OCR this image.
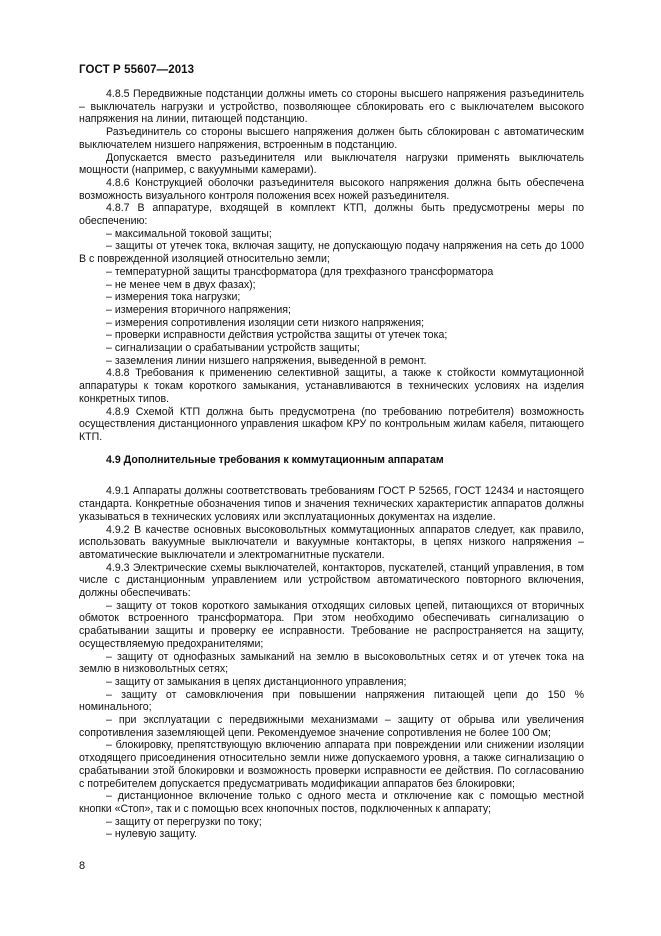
ГОСТ Р 55607—2013

4.8.5 Передвижные подстанции должны иметь со стороны высшего напряжения разъединитель – выключатель нагрузки и устройство, позволяющее сблокировать его с выключателем высокого напряжения на линии, питающей подстанцию.

Разъединитель со стороны высшего напряжения должен быть сблокирован с автоматическим выключателем низшего напряжения, встроенным в подстанцию.

Допускается вместо разъединителя или выключателя нагрузки применять выключатель мощности (например, с вакуумными камерами).

4.8.6 Конструкцией оболочки разъединителя высокого напряжения должна быть обеспечена возможность визуального контроля положения всех ножей разъединителя.

4.8.7 В аппаратуре, входящей в комплект КТП, должны быть предусмотрены меры по обеспечению:

– максимальной токовой защиты;

– защиты от утечек тока, включая защиту, не допускающую подачу напряжения на сеть до 1000 В с поврежденной изоляцией относительно земли;

– температурной защиты трансформатора (для трехфазного трансформатора

– не менее чем в двух фазах);

– измерения тока нагрузки;

– измерения вторичного напряжения;

– измерения сопротивления изоляции сети низкого напряжения;

– проверки исправности действия устройства защиты от утечек тока;

– сигнализации о срабатывании устройств защиты;

– заземления линии низшего напряжения, выведенной в ремонт.

4.8.8 Требования к применению селективной защиты, а также к стойкости коммутационной аппаратуры к токам короткого замыкания, устанавливаются в технических условиях на изделия конкретных типов.

4.8.9 Схемой КТП должна быть предусмотрена (по требованию потребителя) возможность осуществления дистанционного управления шкафом КРУ по контрольным жилам кабеля, питающего КТП.

4.9 Дополнительные требования к коммутационным аппаратам

4.9.1 Аппараты должны соответствовать требованиям ГОСТ Р 52565, ГОСТ 12434 и настоящего стандарта. Конкретные обозначения типов и значения технических характеристик аппаратов должны указываться в технических условиях или эксплуатационных документах на изделие.

4.9.2 В качестве основных высоковольтных коммутационных аппаратов следует, как правило, использовать вакуумные выключатели и вакуумные контакторы, в цепях низкого напряжения – автоматические выключатели и электромагнитные пускатели.

4.9.3 Электрические схемы выключателей, контакторов, пускателей, станций управления, в том числе с дистанционным управлением или устройством автоматического повторного включения, должны обеспечивать:

– защиту от токов короткого замыкания отходящих силовых цепей, питающихся от вторичных обмоток встроенного трансформатора. При этом необходимо обеспечивать сигнализацию о срабатывании защиты и проверку ее исправности. Требование не распространяется на защиту, осуществляемую предохранителями;

– защиту от однофазных замыканий на землю в высоковольтных сетях и от утечек тока на землю в низковольтных сетях;

– защиту от замыкания в цепях дистанционного управления;

– защиту от самовключения при повышении напряжения питающей цепи до 150 % номинального;

– при эксплуатации с передвижными механизмами – защиту от обрыва или увеличения сопротивления заземляющей цепи. Рекомендуемое значение сопротивления не более 100 Ом;

– блокировку, препятствующую включению аппарата при повреждении или снижении изоляции отходящего присоединения относительно земли ниже допускаемого уровня, а также сигнализацию о срабатывании этой блокировки и возможность проверки исправности ее действия. По согласованию с потребителем допускается предусматривать модификации аппаратов без блокировки;

– дистанционное включение только с одного места и отключение как с помощью местной кнопки «Стоп», так и с помощью всех кнопочных постов, подключенных к аппарату;

– защиту от перегрузки по току;

– нулевую защиту.

8
